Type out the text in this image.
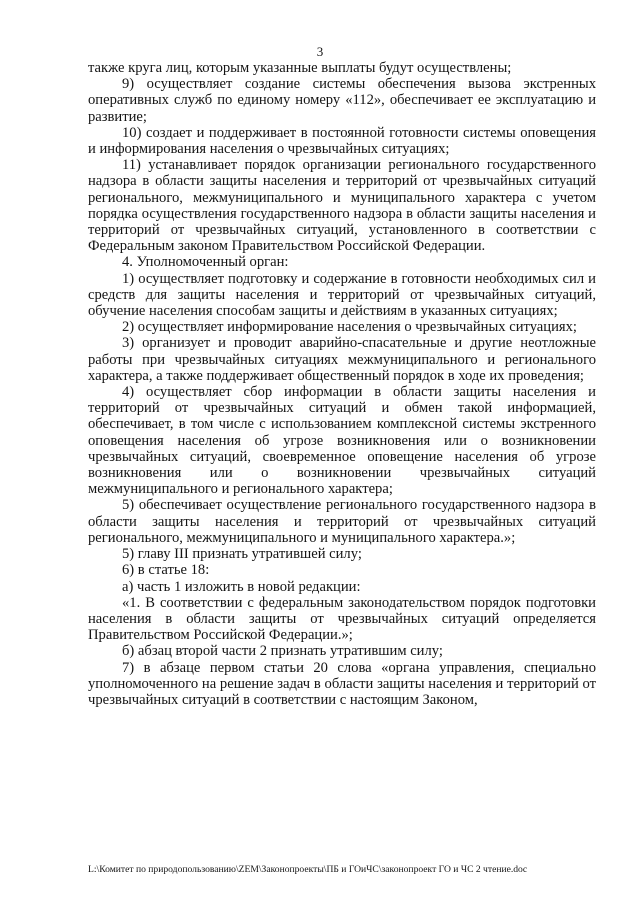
3

также круга лиц, которым указанные выплаты будут осуществлены;

9) осуществляет создание системы обеспечения вызова экстренных оперативных служб по единому номеру «112», обеспечивает ее эксплуатацию и развитие;

10) создает и поддерживает в постоянной готовности системы оповещения и информирования населения о чрезвычайных ситуациях;

11) устанавливает порядок организации регионального государственного надзора в области защиты населения и территорий от чрезвычайных ситуаций регионального, межмуниципального и муниципального характера с учетом порядка осуществления государственного надзора в области защиты населения и территорий от чрезвычайных ситуаций, установленного в соответствии с Федеральным законом Правительством Российской Федерации.

4. Уполномоченный орган:

1) осуществляет подготовку и содержание в готовности необходимых сил и средств для защиты населения и территорий от чрезвычайных ситуаций, обучение населения способам защиты и действиям в указанных ситуациях;

2) осуществляет информирование населения о чрезвычайных ситуациях;

3) организует и проводит аварийно-спасательные и другие неотложные работы при чрезвычайных ситуациях межмуниципального и регионального характера, а также поддерживает общественный порядок в ходе их проведения;

4) осуществляет сбор информации в области защиты населения и территорий от чрезвычайных ситуаций и обмен такой информацией, обеспечивает, в том числе с использованием комплексной системы экстренного оповещения населения об угрозе возникновения или о возникновении чрезвычайных ситуаций, своевременное оповещение населения об угрозе возникновения или о возникновении чрезвычайных ситуаций межмуниципального и регионального характера;

5) обеспечивает осуществление регионального государственного надзора в области защиты населения и территорий от чрезвычайных ситуаций регионального, межмуниципального и муниципального характера.»;

5) главу III признать утратившей силу;

6) в статье 18:

а) часть 1 изложить в новой редакции:

«1. В соответствии с федеральным законодательством порядок подготовки населения в области защиты от чрезвычайных ситуаций определяется Правительством Российской Федерации.»;

б) абзац второй части 2 признать утратившим силу;

7) в абзаце первом статьи 20 слова «органа управления, специально уполномоченного на решение задач в области защиты населения и территорий от чрезвычайных ситуаций в соответствии с настоящим Законом,

L:\Комитет по природопользованию\ZEM\Законопроекты\ПБ и ГОиЧС\законопроект ГО и ЧС 2 чтение.doc
